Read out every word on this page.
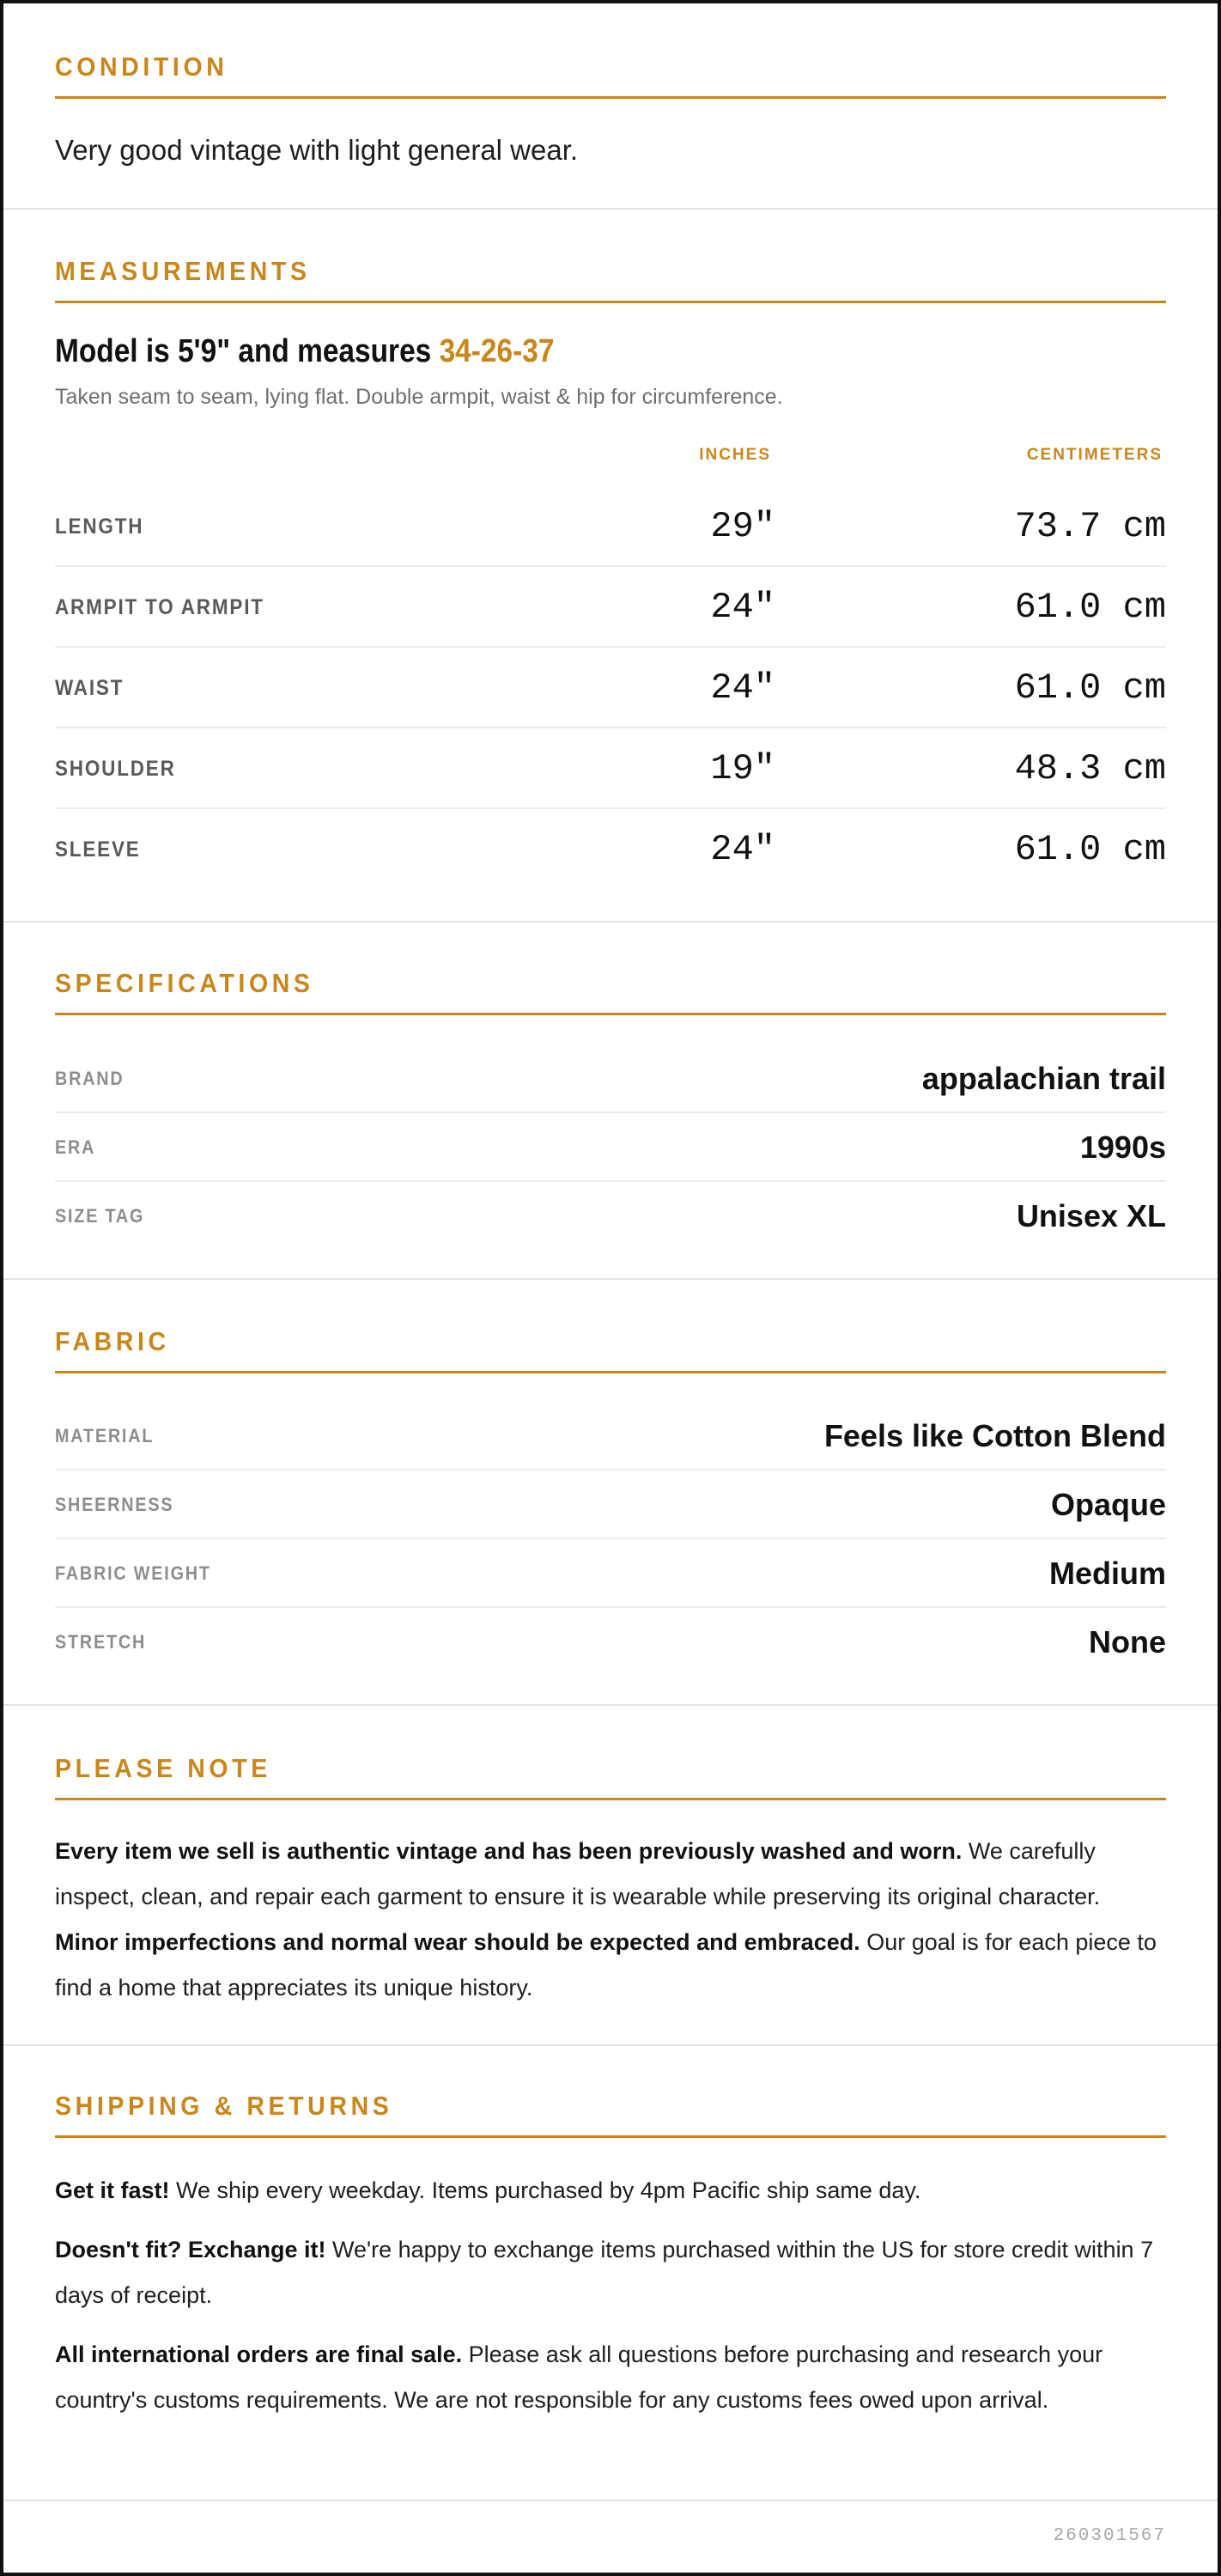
CONDITION
Very good vintage with light general wear.
MEASUREMENTS
Model is 5'9" and measures 34-26-37
Taken seam to seam, lying flat. Double armpit, waist & hip for circumference.
INCHES	CENTIMETERS
LENGTH	29"	73.7 cm
ARMPIT TO ARMPIT	24"	61.0 cm
WAIST	24"	61.0 cm
SHOULDER	19"	48.3 cm
SLEEVE	24"	61.0 cm
SPECIFICATIONS
BRAND	appalachian trail
ERA	1990s
SIZE TAG	Unisex XL
FABRIC
MATERIAL	Feels like Cotton Blend
SHEERNESS	Opaque
FABRIC WEIGHT	Medium
STRETCH	None
PLEASE NOTE
Every item we sell is authentic vintage and has been previously washed and worn. We carefully inspect, clean, and repair each garment to ensure it is wearable while preserving its original character. Minor imperfections and normal wear should be expected and embraced. Our goal is for each piece to find a home that appreciates its unique history.
SHIPPING & RETURNS
Get it fast! We ship every weekday. Items purchased by 4pm Pacific ship same day.
Doesn't fit? Exchange it! We're happy to exchange items purchased within the US for store credit within 7 days of receipt.
All international orders are final sale. Please ask all questions before purchasing and research your country's customs requirements. We are not responsible for any customs fees owed upon arrival.
260301567
